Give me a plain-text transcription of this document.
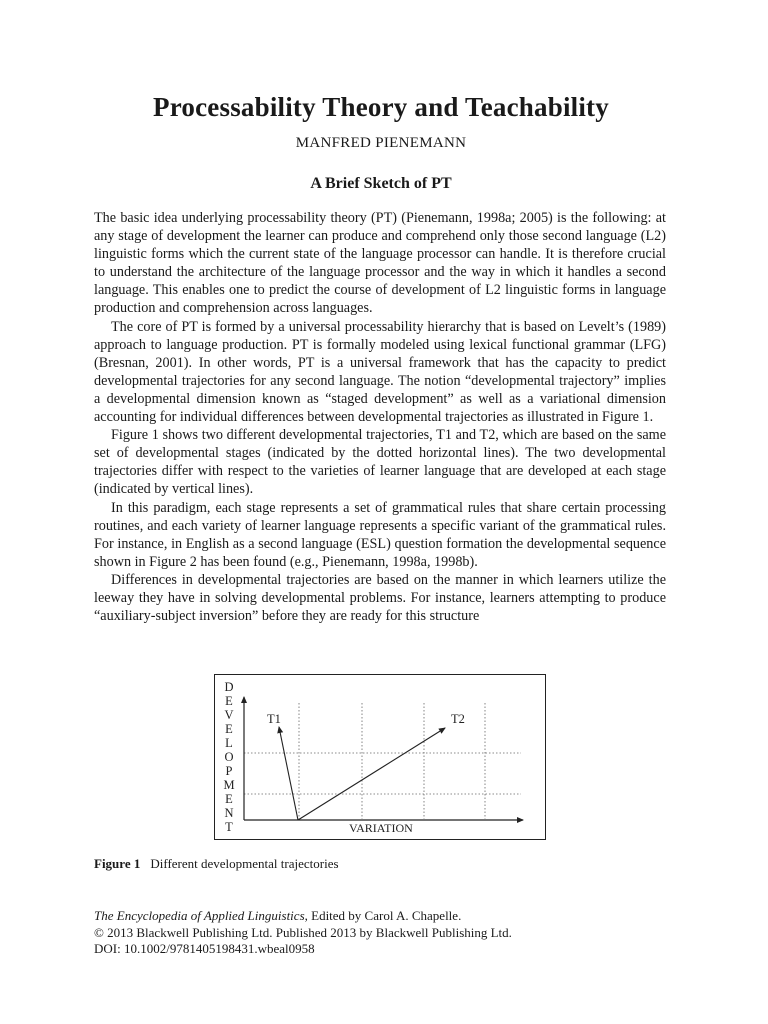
Processability Theory and Teachability
MANFRED PIENEMANN
A Brief Sketch of PT

The basic idea underlying processability theory (PT) (Pienemann, 1998a; 2005) is the following: at any stage of development the learner can produce and comprehend only those second language (L2) linguistic forms which the current state of the language processor can handle. It is therefore crucial to understand the architecture of the language processor and the way in which it handles a second language. This enables one to predict the course of development of L2 linguistic forms in language production and comprehension across languages.

The core of PT is formed by a universal processability hierarchy that is based on Levelt’s (1989) approach to language production. PT is formally modeled using lexical functional grammar (LFG) (Bresnan, 2001). In other words, PT is a universal framework that has the capacity to predict developmental trajectories for any second language. The notion “developmental trajectory” implies a developmental dimension known as “staged development” as well as a variational dimension accounting for individual differences between developmental trajectories as illustrated in Figure 1.

Figure 1 shows two different developmental trajectories, T1 and T2, which are based on the same set of developmental stages (indicated by the dotted horizontal lines). The two developmental trajectories differ with respect to the varieties of learner language that are developed at each stage (indicated by vertical lines).

In this paradigm, each stage represents a set of grammatical rules that share certain processing routines, and each variety of learner language represents a specific variant of the grammatical rules. For instance, in English as a second language (ESL) question formation the developmental sequence shown in Figure 2 has been found (e.g., Pienemann, 1998a, 1998b).

Differences in developmental trajectories are based on the manner in which learners utilize the leeway they have in solving developmental problems. For instance, learners attempting to produce “auxiliary-subject inversion” before they are ready for this structure

D
E
V
E
L
O
P
M
E
N
T
T1	T2
VARIATION
Figure 1 Different developmental trajectories
The Encyclopedia of Applied Linguistics, Edited by Carol A. Chapelle.
© 2013 Blackwell Publishing Ltd. Published 2013 by Blackwell Publishing Ltd.
DOI: 10.1002/9781405198431.wbeal0958
